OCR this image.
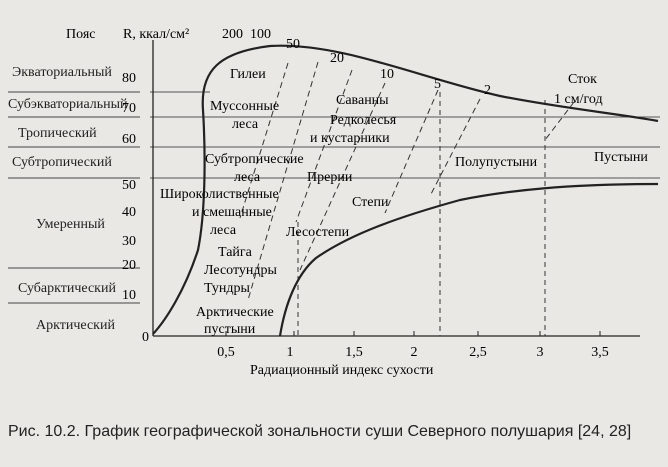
Экваториальный
Субэкваториальный
Тропический
Субтропический
Умеренный
Субарктический
Арктический
Пояс R, ккал/см²
Радиационный индекс сухости
0
10
20
30
40
50
60
70
80
0,5	1	1,5	2	2,5	3	3,5
200 100
50
20
10
5	2
Сток
1 см/год
Гилеи
Муссонные
леса
Саванны
Редколесья
и кустарники
Субтропические
леса	Прерии
Полупустыни	Пустыни
Широколиственные
и смешанные
леса
Степи
Лесостепи
Тайга
Лесотундры
Тундры
Арктические
пустыни
Рис. 10.2. График географической зональности суши Северного полушария [24, 28]
